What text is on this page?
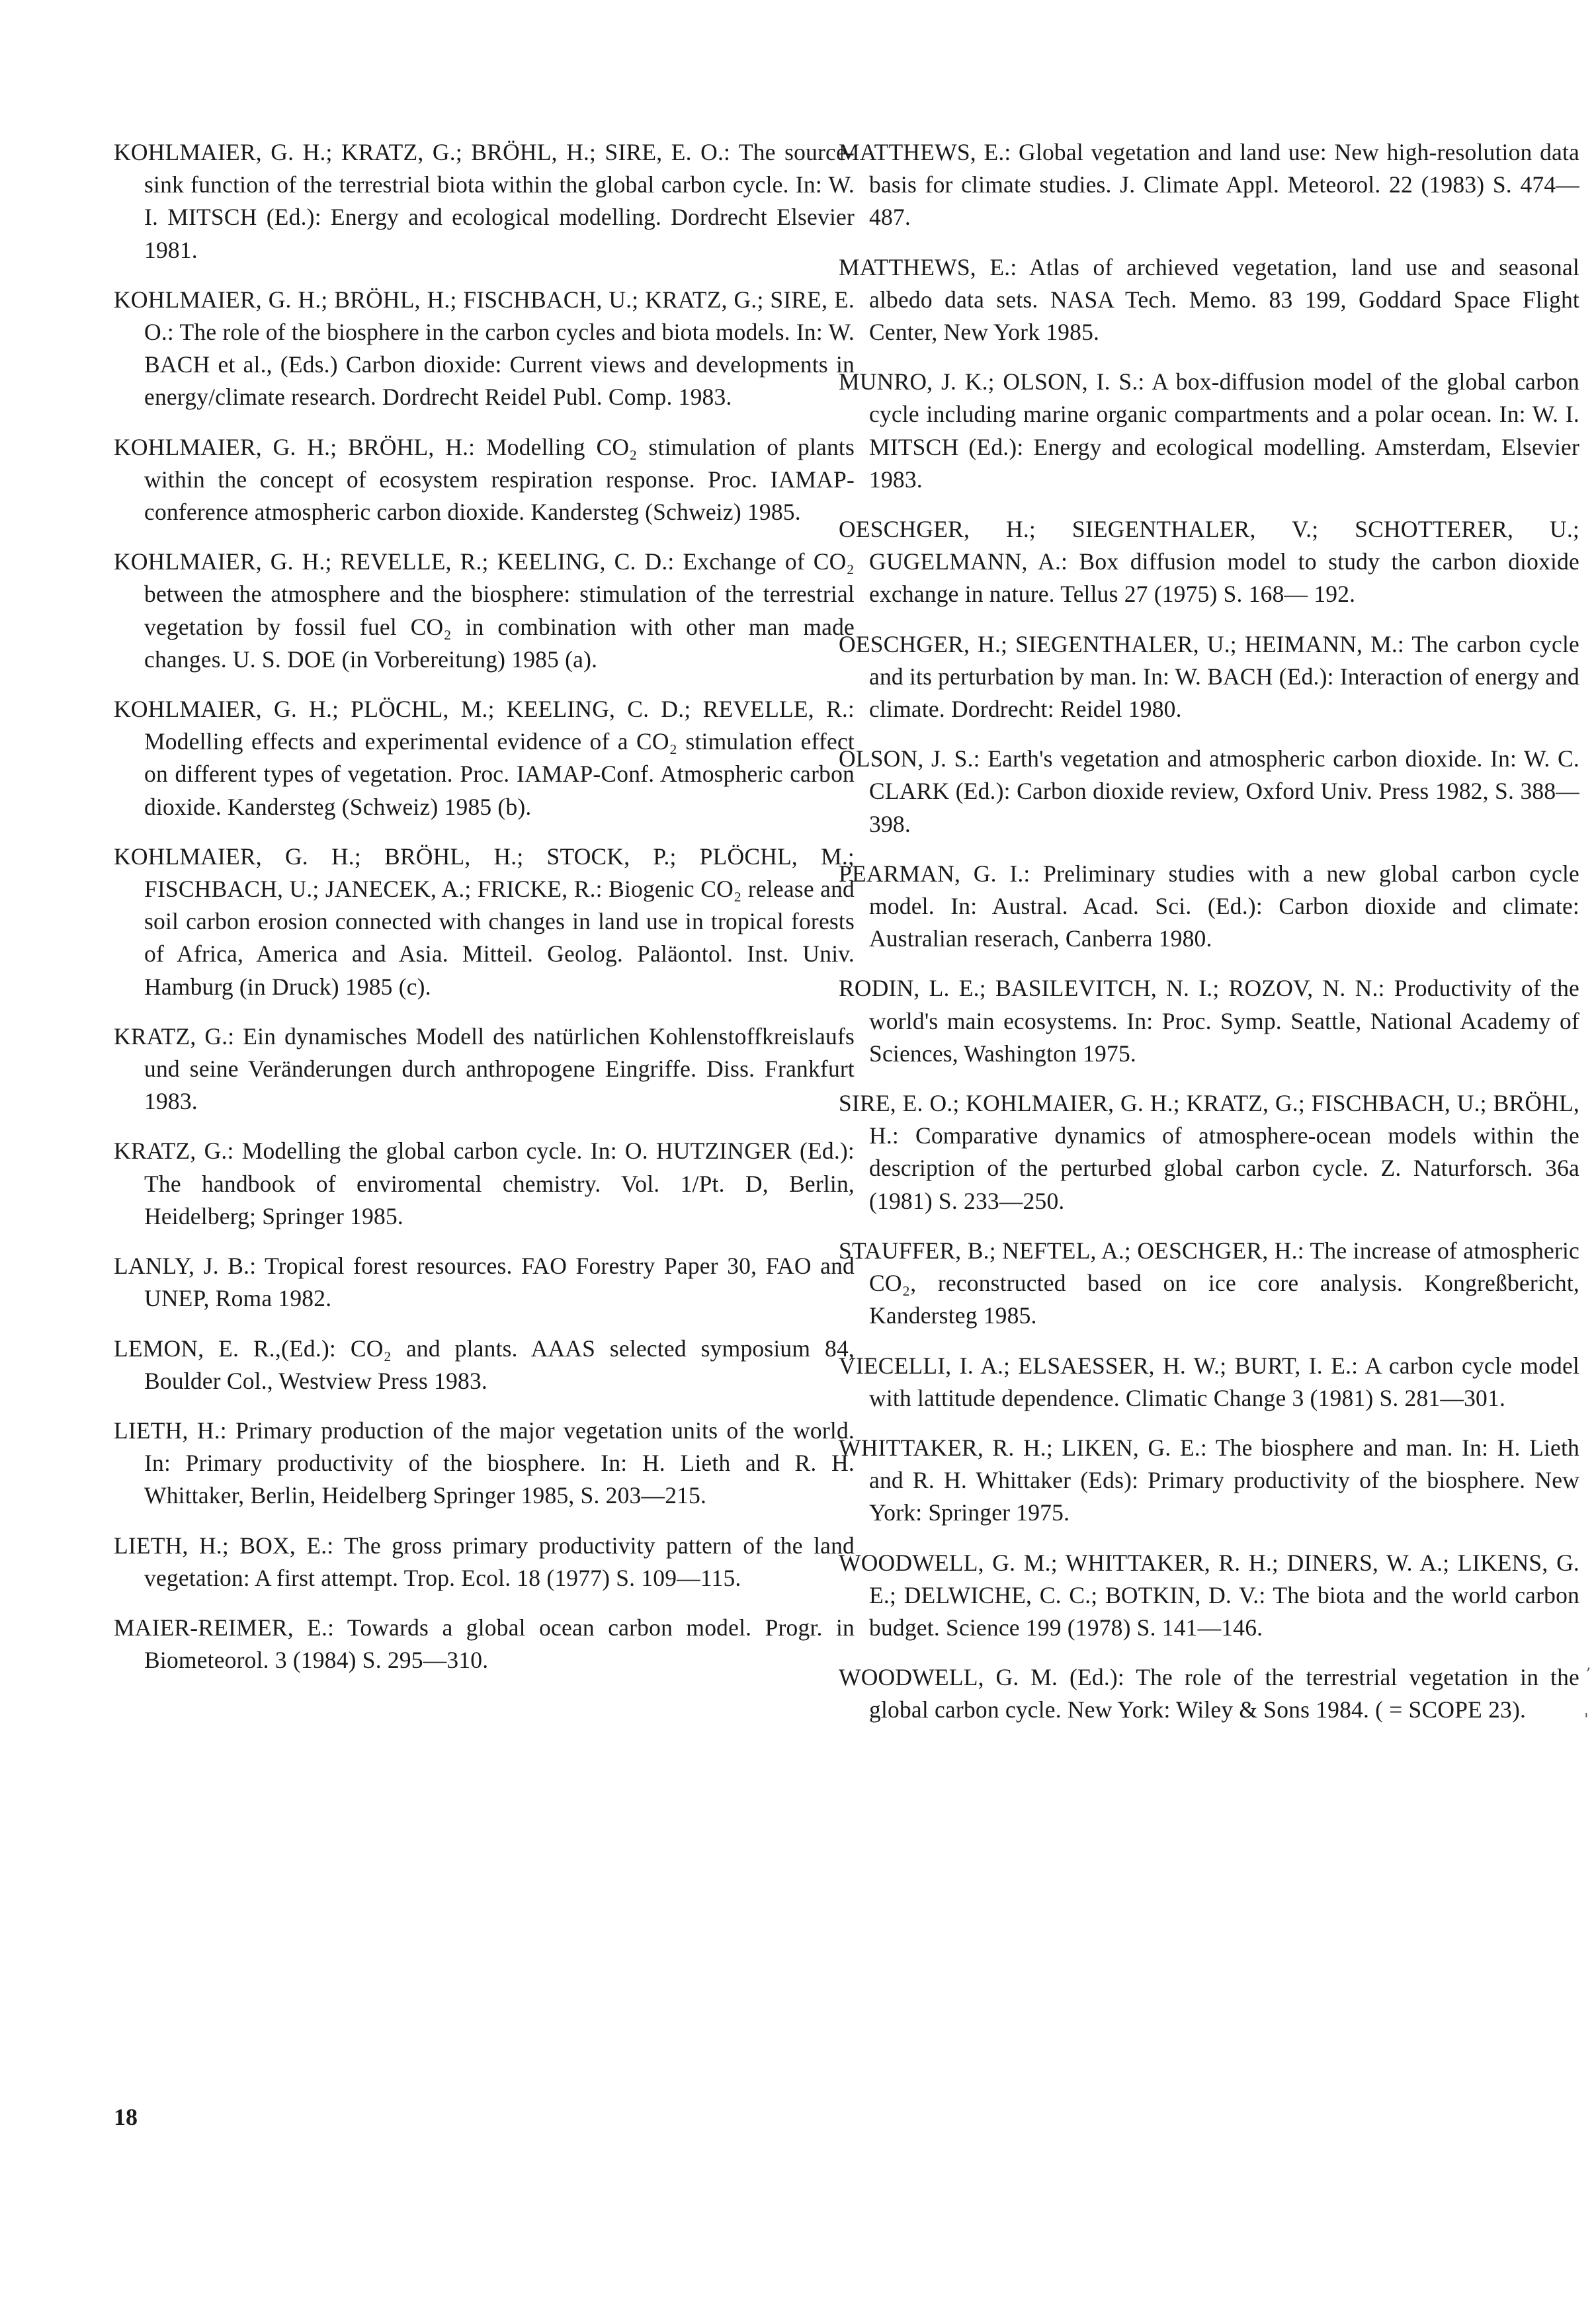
KOHLMAIER, G. H.; KRATZ, G.; BRÖHL, H.; SIRE, E. O.: The source-sink function of the terrestrial biota within the global carbon cycle. In: W. I. MITSCH (Ed.): Energy and ecological modelling. Dordrecht Elsevier 1981.

KOHLMAIER, G. H.; BRÖHL, H.; FISCHBACH, U.; KRATZ, G.; SIRE, E. O.: The role of the biosphere in the carbon cycles and biota models. In: W. BACH et al., (Eds.) Carbon dioxide: Current views and developments in energy/climate research. Dordrecht Reidel Publ. Comp. 1983.

KOHLMAIER, G. H.; BRÖHL, H.: Modelling CO₂ stimulation of plants within the concept of ecosystem respiration response. Proc. IAMAP-conference atmospheric carbon dioxide. Kandersteg (Schweiz) 1985.

KOHLMAIER, G. H.; REVELLE, R.; KEELING, C. D.: Exchange of CO₂ between the atmosphere and the biosphere: stimulation of the terrestrial vegetation by fossil fuel CO₂ in combination with other man made changes. U. S. DOE (in Vorbereitung) 1985 (a).

KOHLMAIER, G. H.; PLÖCHL, M.; KEELING, C. D.; REVELLE, R.: Modelling effects and experimental evidence of a CO₂ stimulation effect on different types of vegetation. Proc. IAMAP-Conf. Atmospheric carbon dioxide. Kandersteg (Schweiz) 1985 (b).

KOHLMAIER, G. H.; BRÖHL, H.; STOCK, P.; PLÖCHL, M.; FISCHBACH, U.; JANECEK, A.; FRICKE, R.: Biogenic CO₂ release and soil carbon erosion connected with changes in land use in tropical forests of Africa, America and Asia. Mitteil. Geolog. Paläontol. Inst. Univ. Hamburg (in Druck) 1985 (c).

KRATZ, G.: Ein dynamisches Modell des natürlichen Kohlenstoffkreislaufs und seine Veränderungen durch anthropogene Eingriffe. Diss. Frankfurt 1983.

KRATZ, G.: Modelling the global carbon cycle. In: O. HUTZINGER (Ed.): The handbook of enviromental chemistry. Vol. 1/Pt. D, Berlin, Heidelberg; Springer 1985.

LANLY, J. B.: Tropical forest resources. FAO Forestry Paper 30, FAO and UNEP, Roma 1982.

LEMON, E. R.,(Ed.): CO₂ and plants. AAAS selected symposium 84, Boulder Col., Westview Press 1983.

LIETH, H.: Primary production of the major vegetation units of the world. In: Primary productivity of the biosphere. In: H. Lieth and R. H. Whittaker, Berlin, Heidelberg Springer 1985, S. 203—215.

LIETH, H.; BOX, E.: The gross primary productivity pattern of the land vegetation: A first attempt. Trop. Ecol. 18 (1977) S. 109—115.

MAIER-REIMER, E.: Towards a global ocean carbon model. Progr. in Biometeorol. 3 (1984) S. 295—310.

MATTHEWS, E.: Global vegetation and land use: New high-resolution data basis for climate studies. J. Climate Appl. Meteorol. 22 (1983) S. 474—487.

MATTHEWS, E.: Atlas of archieved vegetation, land use and seasonal albedo data sets. NASA Tech. Memo. 83 199, Goddard Space Flight Center, New York 1985.

MUNRO, J. K.; OLSON, I. S.: A box-diffusion model of the global carbon cycle including marine organic compartments and a polar ocean. In: W. I. MITSCH (Ed.): Energy and ecological modelling. Amsterdam, Elsevier 1983.

OESCHGER, H.; SIEGENTHALER, V.; SCHOTTERER, U.; GUGELMANN, A.: Box diffusion model to study the carbon dioxide exchange in nature. Tellus 27 (1975) S. 168— 192.

OESCHGER, H.; SIEGENTHALER, U.; HEIMANN, M.: The carbon cycle and its perturbation by man. In: W. BACH (Ed.): Interaction of energy and climate. Dordrecht: Reidel 1980.

OLSON, J. S.: Earth's vegetation and atmospheric carbon dioxide. In: W. C. CLARK (Ed.): Carbon dioxide review, Oxford Univ. Press 1982, S. 388—398.

PEARMAN, G. I.: Preliminary studies with a new global carbon cycle model. In: Austral. Acad. Sci. (Ed.): Carbon dioxide and climate: Australian reserach, Canberra 1980.

RODIN, L. E.; BASILEVITCH, N. I.; ROZOV, N. N.: Productivity of the world's main ecosystems. In: Proc. Symp. Seattle, National Academy of Sciences, Washington 1975.

SIRE, E. O.; KOHLMAIER, G. H.; KRATZ, G.; FISCHBACH, U.; BRÖHL, H.: Comparative dynamics of atmosphere-ocean models within the description of the perturbed global carbon cycle. Z. Naturforsch. 36a (1981) S. 233—250.

STAUFFER, B.; NEFTEL, A.; OESCHGER, H.: The increase of atmospheric CO₂, reconstructed based on ice core analysis. Kongreßbericht, Kandersteg 1985.

VIECELLI, I. A.; ELSAESSER, H. W.; BURT, I. E.: A carbon cycle model with lattitude dependence. Climatic Change 3 (1981) S. 281—301.

WHITTAKER, R. H.; LIKEN, G. E.: The biosphere and man. In: H. Lieth and R. H. Whittaker (Eds): Primary productivity of the biosphere. New York: Springer 1975.

WOODWELL, G. M.; WHITTAKER, R. H.; DINERS, W. A.; LIKENS, G. E.; DELWICHE, C. C.; BOTKIN, D. V.: The biota and the world carbon budget. Science 199 (1978) S. 141—146.

WOODWELL, G. M. (Ed.): The role of the terrestrial vegetation in the global carbon cycle. New York: Wiley & Sons 1984. ( = SCOPE 23).

18
,
'
